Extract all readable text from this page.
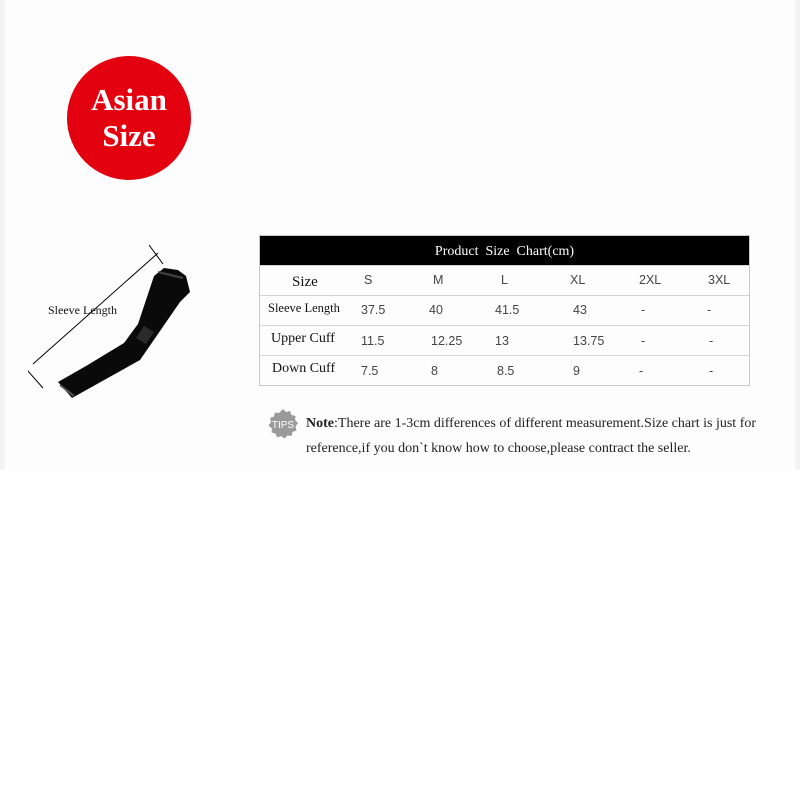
Asian
Size
Sleeve Length
Product  Size  Chart(cm)
Size	S	M	L	XL	2XL	3XL
Sleeve Length 37.5	40	41.5	43	-	-
Upper Cuff 11.5	12.25	13	13.75	-	-
Down Cuff 7.5	8	8.5	9	-	-
TIPS Note:There are 1-3cm differences of different measurement.Size chart is just for reference,if you don`t know how to choose,please contract the seller.
